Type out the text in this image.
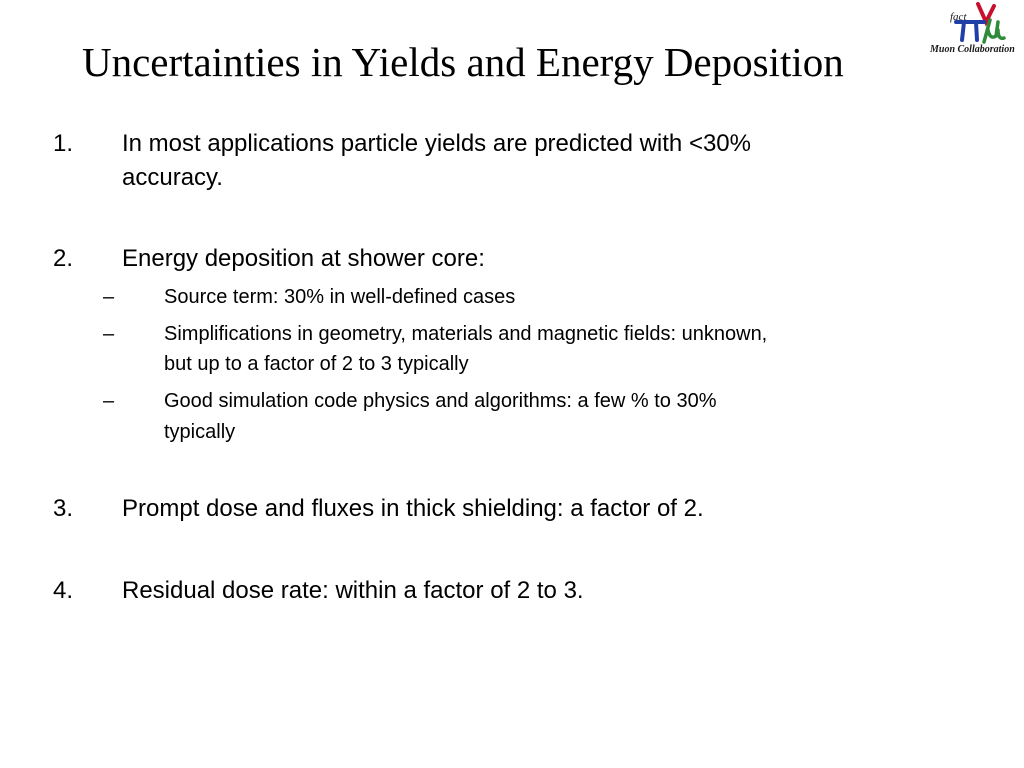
Uncertainties in Yields and Energy Deposition
fact
Muon Collaboration
1. In most applications particle yields are predicted with <30%
accuracy.
2. Energy deposition at shower core:
– Source term: 30% in well-defined cases
– Simplifications in geometry, materials and magnetic fields: unknown,
but up to a factor of 2 to 3 typically
– Good simulation code physics and algorithms: a few % to 30%
typically
3. Prompt dose and fluxes in thick shielding: a factor of 2.
4. Residual dose rate: within a factor of 2 to 3.
